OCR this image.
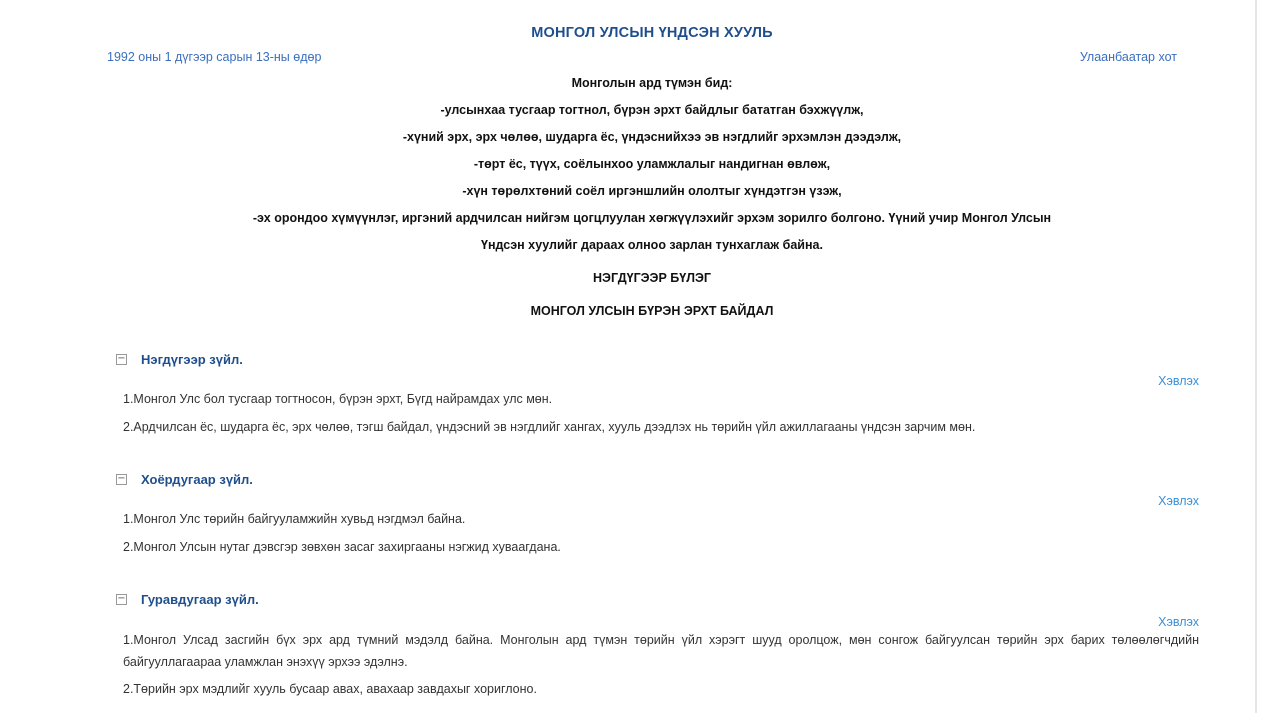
МОНГОЛ УЛСЫН ҮНДСЭН ХУУЛЬ
1992 оны 1 дүгээр сарын 13-ны өдөр	Улаанбаатар хот
Монголын ард түмэн бид:
-улсынхаа тусгаар тогтнол, бүрэн эрхт байдлыг бататган бэхжүүлж,
-хүний эрх, эрх чөлөө, шударга ёс, үндэснийхээ эв нэгдлийг эрхэмлэн дээдэлж,
-төрт ёс, түүх, соёлынхоо уламжлалыг нандигнан өвлөж,
-хүн төрөлхтөний соёл иргэншлийн ололтыг хүндэтгэн үзэж,
-эх орондоо хүмүүнлэг, иргэний ардчилсан нийгэм цогцлуулан хөгжүүлэхийг эрхэм зорилго болгоно. Үүний учир Монгол Улсын
Үндсэн хуулийг дараах олноо зарлан тунхаглаж байна.
НЭГДҮГЭЭР БҮЛЭГ
МОНГОЛ УЛСЫН БҮРЭН ЭРХТ БАЙДАЛ
− Нэгдүгээр зүйл.
Хэвлэх
1.Монгол Улс бол тусгаар тогтносон, бүрэн эрхт, Бүгд найрамдах улс мөн.
2.Ардчилсан ёс, шударга ёс, эрх чөлөө, тэгш байдал, үндэсний эв нэгдлийг хангах, хууль дээдлэх нь төрийн үйл ажиллагааны үндсэн зарчим мөн.
− Хоёрдугаар зүйл.
Хэвлэх
1.Монгол Улс төрийн байгууламжийн хувьд нэгдмэл байна.
2.Монгол Улсын нутаг дэвсгэр зөвхөн засаг захиргааны нэгжид хуваагдана.
− Гуравдугаар зүйл.
Хэвлэх
1.Монгол Улсад засгийн бүх эрх ард түмний мэдэлд байна. Монголын ард түмэн төрийн үйл хэрэгт шууд оролцож, мөн сонгож байгуулсан төрийн эрх барих төлөөлөгчдийн байгууллагаараа уламжлан энэхүү эрхээ эдэлнэ.
2.Төрийн эрх мэдлийг хууль бусаар авах, авахаар завдахыг хориглоно.
